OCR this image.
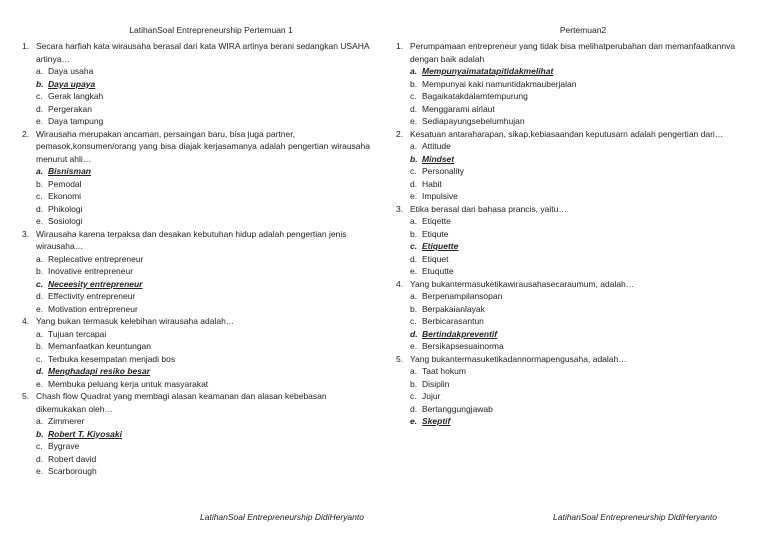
LatihanSoal Entrepreneurship Pertemuan 1
1. Secara harfiah kata wirausaha berasal dari kata WIRA artinya berani sedangkan USAHA
artinya…
a. Daya usaha
b. Daya upaya
c. Gerak langkah
d. Pergerakan
e. Daya tampung
2. Wirausaha merupakan ancaman, persaingan baru, bisa juga partner,
pemasok,konsumen/orang yang bisa diajak kerjasamanya adalah pengertian wirausaha menurut ahli…
a. Bisnisman
b. Pemodal
c. Ekonomi
d. Phikologi
e. Sosiologi
3. Wirausaha karena terpaksa dan desakan kebutuhan hidup adalah pengertian jenis
wirausaha…
a. Replecative entrepreneur
b. Inovative entrepreneur
c. Neceesity entrepreneur
d. Effectivity entrepreneur
e. Motivation entrepreneur
4. Yang bukan termasuk kelebihan wirausaha adalah…
a. Tujuan tercapai
b. Memanfaatkan keuntungan
c. Terbuka kesempatan menjadi bos
d. Menghadapi resiko besar
e. Membuka peluang kerja untuk masyarakat
5. Chash flow Quadrat yang membagi alasan keamanan dan alasan kebebasan
dikemukakan oleh…
a. Zimmerer
b. Robert T. Kiyosaki
c. Bygrave
d. Robert david
e. Scarborough
Pertemuan2
1. Perumpamaan entrepreneur yang tidak bisa melihatperubahan dan memanfaatkannva
dengan baik adalah
a. Mempunyaimatatapitidakmelihat
b. Mempunyai kaki namuntidakmauberjalan
c. Bagaikatakdalamtempurung
d. Menggarami airlaut
e. Sediapayungsebelumhujan
2. Kesatuan antaraharapan, sikap,kebiasaandan keputusarn adalah pengertian dari…
a. Attitude
b. Mindset
c. Personality
d. Habit
e. Impulsive
3. Etika berasal dari bahasa prancis, yaitu…
a. Etiqette
b. Etiqute
c. Etiquette
d. Etiquet
e. Etuqutte
4. Yang bukantermasuketikawirausahasecaraumum, adalah…
a. Berpenampilansopan
b. Berpakaianlayak
c. Berbicarasantun
d. Bertindakpreventif
e. Bersikapsesuainorma
5. Yang bukantermasuketikadannormapengusaha, adalah…
a. Taat hokum
b. Disiplin
c. Jujur
d. Bertanggungjawab
e. Skeptif
LatihanSoal Entrepreneurship DidiHeryanto	LatihanSoal Entrepreneurship DidiHeryanto
